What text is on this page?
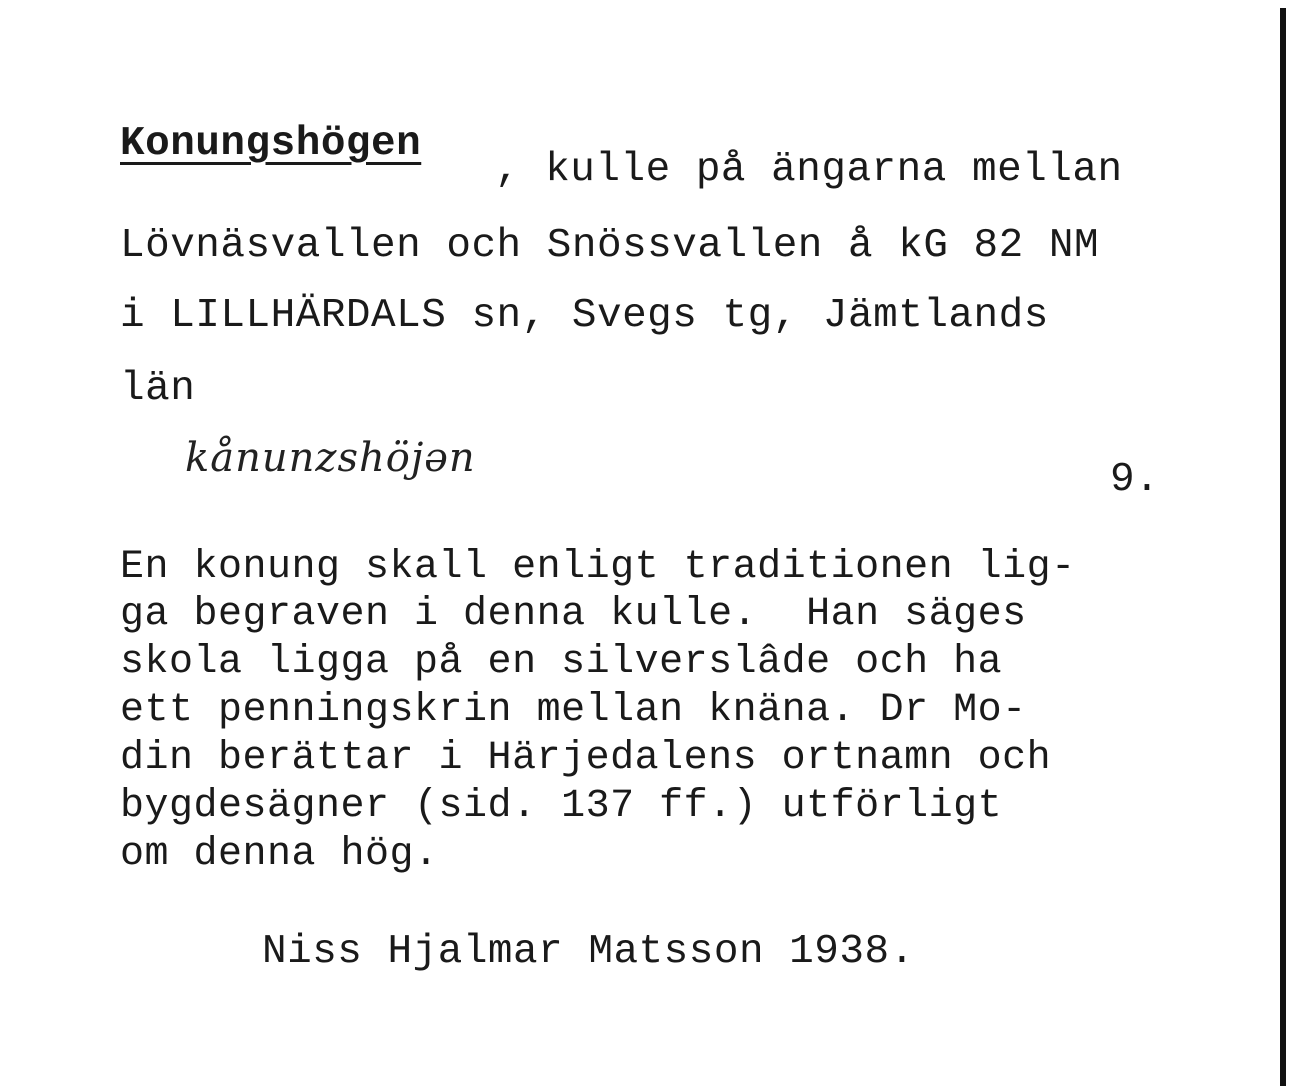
Konungshögen
, kulle på ängarna mellan
Lövnäsvallen och Snössvallen å kG 82 NM
i LILLHÄRDALS sn, Svegs tg, Jämtlands
län
kånunzshöjən	9.
En konung skall enligt traditionen lig-
ga begraven i denna kulle.  Han säges
skola ligga på en silverslâde och ha
ett penningskrin mellan knäna. Dr Mo-
din berättar i Härjedalens ortnamn och
bygdesägner (sid. 137 ff.) utförligt
om denna hög.
Niss Hjalmar Matsson 1938.
